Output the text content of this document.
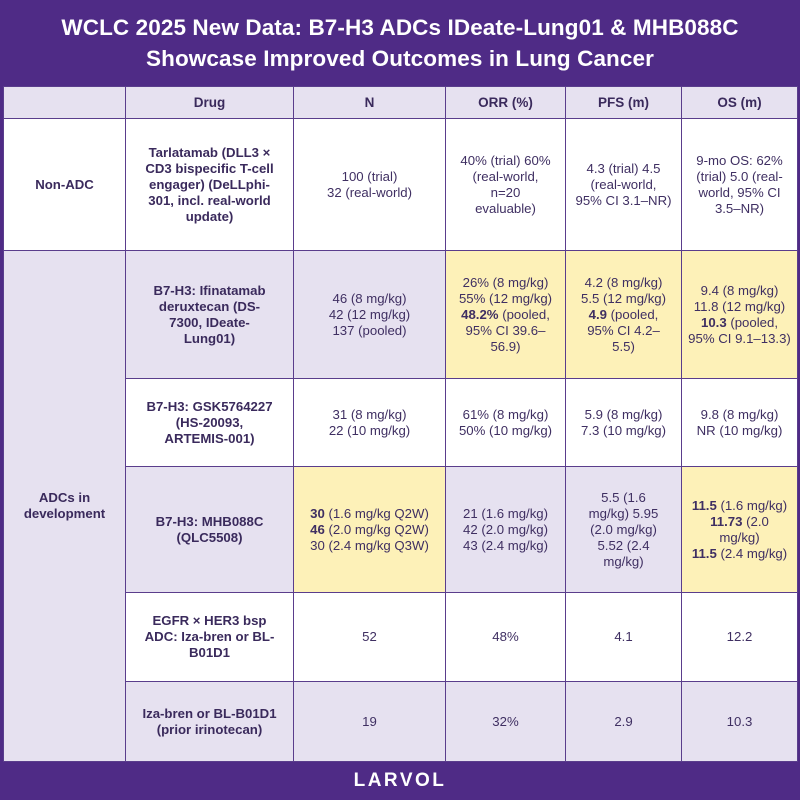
WCLC 2025 New Data: B7-H3 ADCs IDeate-Lung01 & MHB088C
Showcase Improved Outcomes in Lung Cancer
	Drug	N	ORR (%)	PFS (m)	OS (m)

Non-ADC	Tarlatamab (DLL3 ×
CD3 bispecific T-cell
engager) (DeLLphi-
301, incl. real-world
update)	100 (trial)
32 (real-world)	40% (trial) 60%
(real-world,
n=20
evaluable)	4.3 (trial) 4.5
(real-world,
95% CI 3.1–NR)	9-mo OS: 62%
(trial) 5.0 (real-
world, 95% CI
3.5–NR)

ADCs in
development	B7-H3: Ifinatamab
deruxtecan (DS-
7300, IDeate-
Lung01)	46 (8 mg/kg)
42 (12 mg/kg)
137 (pooled)	26% (8 mg/kg)
55% (12 mg/kg)
48.2% (pooled,
95% CI 39.6–
56.9)	4.2 (8 mg/kg)
5.5 (12 mg/kg)
4.9 (pooled,
95% CI 4.2–
5.5)	9.4 (8 mg/kg)
11.8 (12 mg/kg)
10.3 (pooled,
95% CI 9.1–13.3)

	B7-H3: GSK5764227
(HS-20093,
ARTEMIS-001)	31 (8 mg/kg)
22 (10 mg/kg)	61% (8 mg/kg)
50% (10 mg/kg)	5.9 (8 mg/kg)
7.3 (10 mg/kg)	9.8 (8 mg/kg)
NR (10 mg/kg)

	B7-H3: MHB088C
(QLC5508)	30 (1.6 mg/kg Q2W)
46 (2.0 mg/kg Q2W)
30 (2.4 mg/kg Q3W)	21 (1.6 mg/kg)
42 (2.0 mg/kg)
43 (2.4 mg/kg)	5.5 (1.6
mg/kg) 5.95
(2.0 mg/kg)
5.52 (2.4
mg/kg)	11.5 (1.6 mg/kg)
11.73 (2.0
mg/kg)
11.5 (2.4 mg/kg)

	EGFR × HER3 bsp
ADC: Iza-bren or BL-
B01D1	52	48%	4.1	12.2

	Iza-bren or BL-B01D1
(prior irinotecan)	19	32%	2.9	10.3
LARVOL
